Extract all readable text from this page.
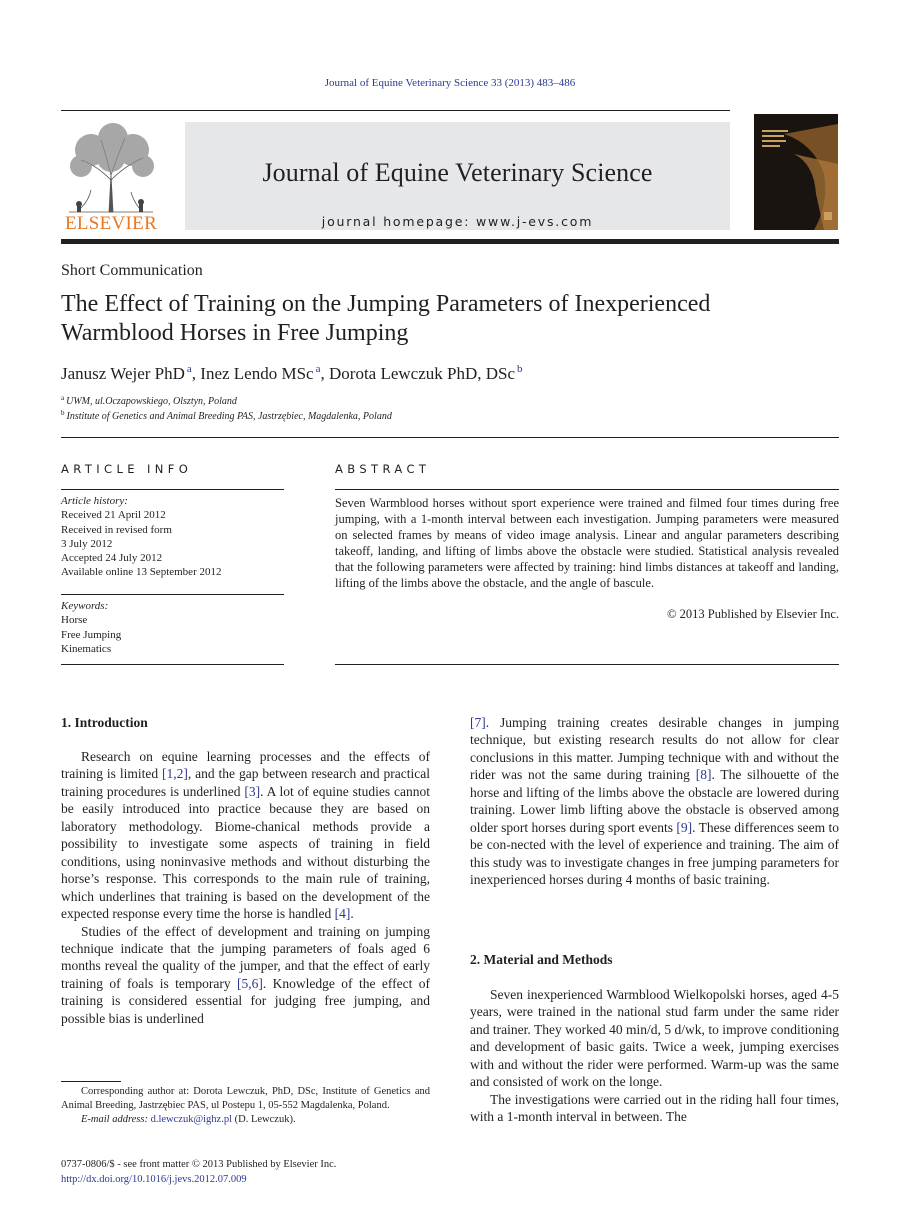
Journal of Equine Veterinary Science 33 (2013) 483–486
ELSEVIER
Journal of Equine Veterinary Science
journal homepage: www.j-evs.com
Short Communication
The Effect of Training on the Jumping Parameters of Inexperienced
Warmblood Horses in Free Jumping
Janusz Wejer PhD $^a$, Inez Lendo MSc $^a$, Dorota Lewczuk PhD, DSc $^b$
$^a$ UWM, ul.Oczapowskiego, Olsztyn, Poland
$^b$ Institute of Genetics and Animal Breeding PAS, Jastrzębiec, Magdalenka, Poland
ARTICLE INFO	ABSTRACT
Article history:
Received 21 April 2012
Received in revised form
3 July 2012
Accepted 24 July 2012
Available online 13 September 2012
Keywords:
Horse
Free Jumping
Kinematics
Seven Warmblood horses without sport experience were trained and filmed four times during free jumping, with a 1-month interval between each investigation. Jumping parameters were measured on selected frames by means of video image analysis. Linear and angular parameters describing takeoff, landing, and lifting of limbs above the obstacle were studied. Statistical analysis revealed that the following parameters were affected by training: hind limbs distances at takeoff and landing, lifting of the limbs above the obstacle, and the angle of bascule.
© 2013 Published by Elsevier Inc.
1. Introduction

Research on equine learning processes and the effects of training is limited [1,2], and the gap between research and practical training procedures is underlined [3]. A lot of equine studies cannot be easily introduced into practice because they are based on laboratory methodology. Biome-chanical methods provide a possibility to investigate some aspects of training in field conditions, using noninvasive methods and without disturbing the horse’s response. This corresponds to the main rule of training, which underlines that training is based on the development of the expected response every time the horse is handled [4].

Studies of the effect of development and training on jumping technique indicate that the jumping parameters of foals aged 6 months reveal the quality of the jumper, and that the effect of early training of foals is temporary [5,6]. Knowledge of the effect of training is considered essential for judging free jumping, and possible bias is underlined

[7]. Jumping training creates desirable changes in jumping technique, but existing research results do not allow for clear conclusions in this matter. Jumping technique with and without the rider was not the same during training [8]. The silhouette of the horse and lifting of the limbs above the obstacle are lowered during training. Lower limb lifting above the obstacle is observed among older sport horses during sport events [9]. These differences seem to be con-nected with the level of experience and training. The aim of this study was to investigate changes in free jumping parameters for inexperienced horses during 4 months of basic training.

2. Material and Methods

Seven inexperienced Warmblood Wielkopolski horses, aged 4-5 years, were trained in the national stud farm under the same rider and trainer. They worked 40 min/d, 5 d/wk, to improve conditioning and development of basic gaits. Twice a week, jumping exercises with and without the rider were performed. Warm-up was the same and consisted of work on the longe.

The investigations were carried out in the riding hall four times, with a 1-month interval in between. The

Corresponding author at: Dorota Lewczuk, PhD, DSc, Institute of Genetics and Animal Breeding, Jastrzębiec PAS, ul Postepu 1, 05-552 Magdalenka, Poland.

E-mail address: d.lewczuk@ighz.pl (D. Lewczuk).

0737-0806/$ - see front matter © 2013 Published by Elsevier Inc.
http://dx.doi.org/10.1016/j.jevs.2012.07.009
